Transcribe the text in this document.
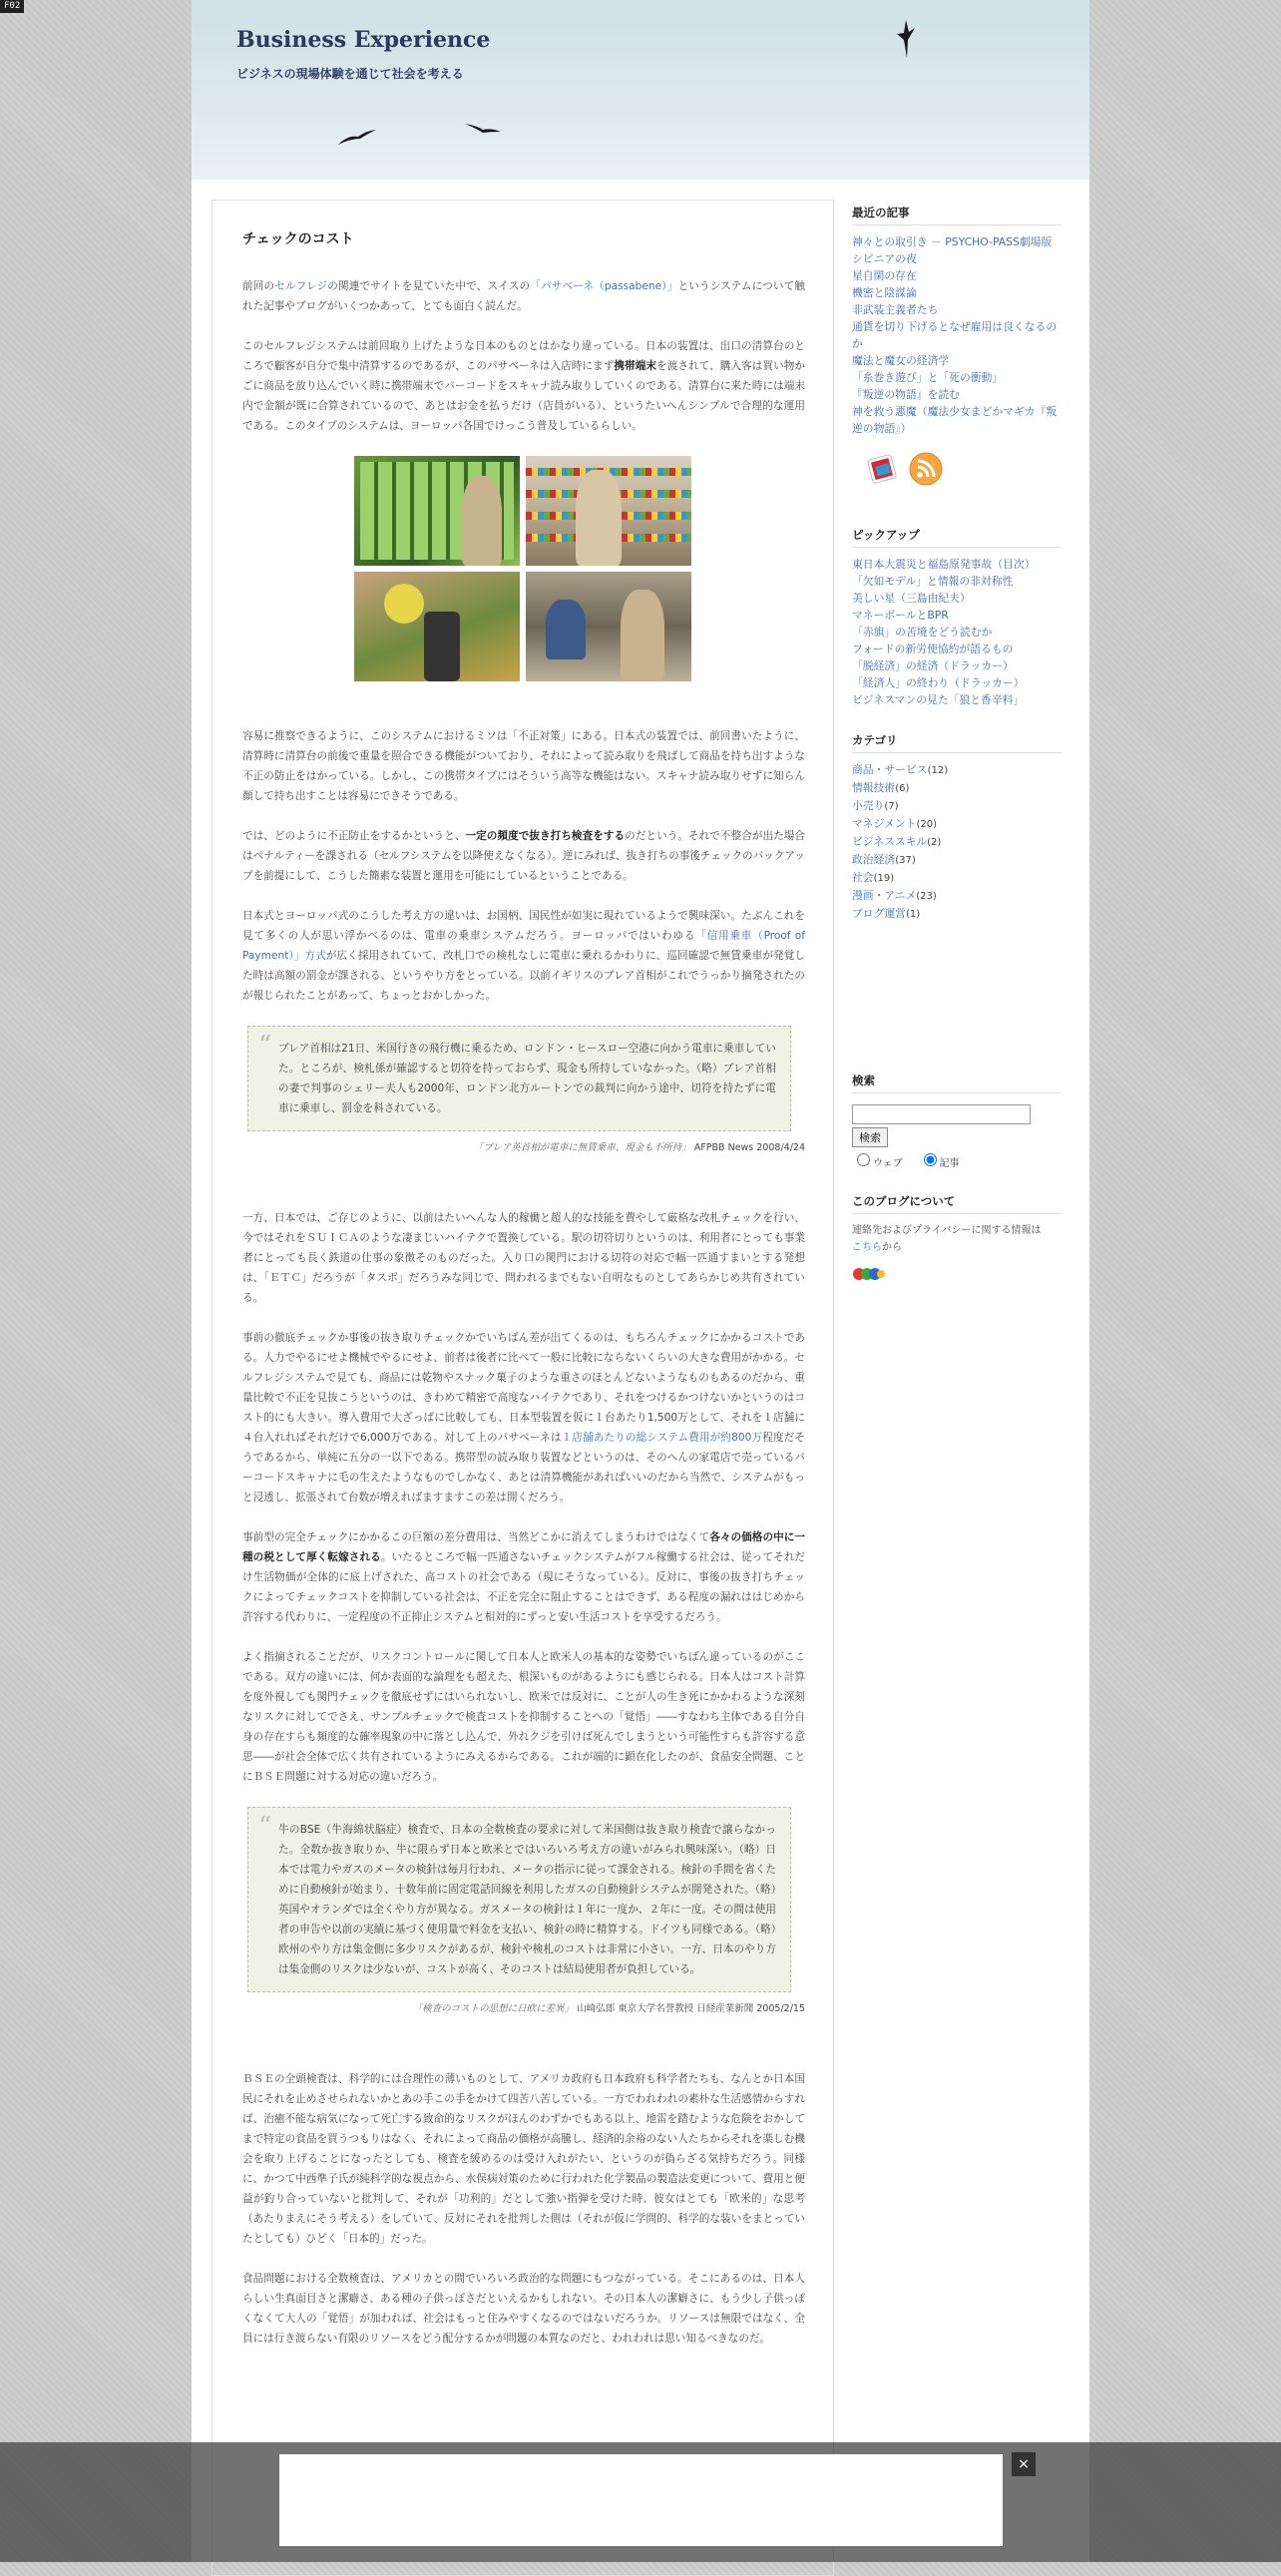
F02
Business Experience
ビジネスの現場体験を通じて社会を考える
チェックのコスト

前回のセルフレジの関連でサイトを見ていた中で、スイスの「パサベーネ（passabene）」というシステムについて触れた記事やブログがいくつかあって、とても面白く読んだ。

このセルフレジシステムは前回取り上げたような日本のものとはかなり違っている。日本の装置は、出口の清算台のところで顧客が自分で集中清算するのであるが、このパサベーネは入店時にまず携帯端末を渡されて、購入客は買い物かごに商品を放り込んでいく時に携帯端末でバーコードをスキャナ読み取りしていくのである。清算台に来た時には端末内で金額が既に合算されているので、あとはお金を払うだけ（店員がいる）、というたいへんシンプルで合理的な運用である。このタイプのシステムは、ヨーロッパ各国でけっこう普及しているらしい。

容易に推察できるように、このシステムにおけるミソは「不正対策」にある。日本式の装置では、前回書いたように、清算時に清算台の前後で重量を照合できる機能がついており、それによって読み取りを飛ばして商品を持ち出すような不正の防止をはかっている。しかし、この携帯タイプにはそういう高等な機能はない。スキャナ読み取りせずに知らん顔して持ち出すことは容易にできそうである。

では、どのように不正防止をするかというと、一定の頻度で抜き打ち検査をするのだという。それで不整合が出た場合はペナルティーを課される（セルフシステムを以降使えなくなる）。逆にみれば、抜き打ちの事後チェックのバックアップを前提にして、こうした簡素な装置と運用を可能にしているということである。

日本式とヨーロッパ式のこうした考え方の違いは、お国柄、国民性が如実に現れているようで興味深い。たぶんこれを見て多くの人が思い浮かべるのは、電車の乗車システムだろう。ヨーロッパではいわゆる「信用乗車（Proof of Payment）」方式が広く採用されていて、改札口での検札なしに電車に乗れるかわりに、巡回確認で無賃乗車が発覚した時は高額の罰金が課される、というやり方をとっている。以前イギリスのブレア首相がこれでうっかり摘発されたのが報じられたことがあって、ちょっとおかしかった。

“ ブレア首相は21日、米国行きの飛行機に乗るため、ロンドン・ヒースロー空港に向かう電車に乗車していた。ところが、検札係が確認すると切符を持っておらず、現金も所持していなかった。（略）ブレア首相の妻で判事のシェリー夫人も2000年、ロンドン北方ルートンでの裁判に向かう途中、切符を持たずに電車に乗車し、罰金を科されている。

「ブレア英首相が電車に無賃乗車、現金も不所持」 AFPBB News 2008/4/24

一方、日本では、ご存じのように、以前はたいへんな人的稼働と超人的な技能を費やして厳格な改札チェックを行い、今ではそれをＳＵＩＣＡのような凄まじいハイテクで置換している。駅の切符切りというのは、利用者にとっても事業者にとっても長く鉄道の仕事の象徴そのものだった。入り口の関門における切符の対応で幅一匹通すまいとする発想は、「ＥＴＣ」だろうが「タスポ」だろうみな同じで、問われるまでもない自明なものとしてあらかじめ共有されている。

事前の徹底チェックか事後の抜き取りチェックかでいちばん差が出てくるのは、もちろんチェックにかかるコストである。人力でやるにせよ機械でやるにせよ、前者は後者に比べて一般に比較にならないくらいの大きな費用がかかる。セルフレジシステムで見ても、商品には乾物やスナック菓子のような重さのほとんどないようなものもあるのだから、重量比較で不正を見抜こうというのは、きわめて精密で高度なハイテクであり、それをつけるかつけないかというのはコスト的にも大きい。導入費用で大ざっぱに比較しても、日本型装置を仮に１台あたり1,500万として、それを１店舗に４台入れればそれだけで6,000万である。対して上のパサベーネは１店舗あたりの総システム費用が約800万程度だそうであるから、単純に五分の一以下である。携帯型の読み取り装置などというのは、そのへんの家電店で売っているバーコードスキャナに毛の生えたようなものでしかなく、あとは清算機能があればいいのだから当然で、システムがもっと浸透し、拡張されて台数が増えればますますこの差は開くだろう。

事前型の完全チェックにかかるこの巨額の差分費用は、当然どこかに消えてしまうわけではなくて各々の価格の中に一種の税として厚く転嫁される。いたるところで幅一匹通さないチェックシステムがフル稼働する社会は、従ってそれだけ生活物価が全体的に底上げされた、高コストの社会である（現にそうなっている）。反対に、事後の抜き打ちチェックによってチェックコストを抑制している社会は、不正を完全に阻止することはできず、ある程度の漏れははじめから許容する代わりに、一定程度の不正抑止システムと相対的にずっと安い生活コストを享受するだろう。

よく指摘されることだが、リスクコントロールに関して日本人と欧米人の基本的な姿勢でいちばん違っているのがここである。双方の違いには、何か表面的な論理をも超えた、根深いものがあるようにも感じられる。日本人はコスト計算を度外視しても関門チェックを徹底せずにはいられないし、欧米では反対に、ことが人の生き死にかかわるような深刻なリスクに対してでさえ、サンプルチェックで検査コストを抑制することへの「覚悟」――すなわち主体である自分自身の存在すらも頻度的な確率現象の中に落とし込んで、外れクジを引けば死んでしまうという可能性すらも許容する意思――が社会全体で広く共有されているようにみえるからである。これが端的に顕在化したのが、食品安全問題、ことにＢＳＥ問題に対する対応の違いだろう。

“ 牛のBSE（牛海綿状脳症）検査で、日本の全数検査の要求に対して米国側は抜き取り検査で譲らなかった。全数か抜き取りか、牛に限らず日本と欧米とではいろいろ考え方の違いがみられ興味深い。（略）日本では電力やガスのメータの検針は毎月行われ、メータの指示に従って課金される。検針の手間を省くために自動検針が始まり、十数年前に固定電話回線を利用したガスの自動検針システムが開発された。（略）英国やオランダでは全くやり方が異なる。ガスメータの検針は１年に一度か、２年に一度。その間は使用者の申告や以前の実績に基づく使用量で料金を支払い、検針の時に精算する。ドイツも同様である。（略）欧州のやり方は集金側に多少リスクがあるが、検針や検札のコストは非常に小さい。一方、日本のやり方は集金側のリスクは少ないが、コストが高く、そのコストは結局使用者が負担している。

「検査のコストの思想に日欧に差異」 山崎弘郎 東京大学名誉教授 日経産業新聞 2005/2/15

ＢＳＥの全頭検査は、科学的には合理性の薄いものとして、アメリカ政府も日本政府も科学者たちも、なんとか日本国民にそれを止めさせられないかとあの手この手をかけて四苦八苦している。一方でわれわれの素朴な生活感情からすれば、治癒不能な病気になって死亡する致命的なリスクがほんのわずかでもある以上、地雷を踏むような危険をおかしてまで特定の食品を買うつもりはなく、それによって商品の価格が高騰し、経済的余裕のない人たちからそれを楽しむ機会を取り上げることになったとしても、検査を緩めるのは受け入れがたい、というのが偽らざる気持ちだろう。同様に、かつて中西準子氏が純科学的な視点から、水俣病対策のために行われた化学製品の製造法変更について、費用と便益が釣り合っていないと批判して、それが「功利的」だとして強い指弾を受けた時、彼女はとても「欧米的」な思考（あたりまえにそう考える）をしていて、反対にそれを批判した側は（それが仮に学問的、科学的な装いをまとっていたとしても）ひどく「日本的」だった。

食品問題における全数検査は、アメリカとの間でいろいろ政治的な問題にもつながっている。そこにあるのは、日本人らしい生真面目さと潔癖さ、ある種の子供っぽさだといえるかもしれない。その日本人の潔癖さに、もう少し子供っぽくなくて大人の「覚悟」が加われば、社会はもっと住みやすくなるのではないだろうか。リソースは無限ではなく、全員には行き渡らない有限のリソースをどう配分するかが問題の本質なのだと、われわれは思い知るべきなのだ。

最近の記事
神々との取引き － PSYCHO-PASS劇場版
シビニアの夜
星自閑の存在
機密と陰謀論
非武装主義者たち
通貨を切り下げるとなぜ雇用は良くなるのか
魔法と魔女の経済学
「糸巻き遊び」と「死の衝動」
『叛逆の物語』を読む
神を救う悪魔（魔法少女まどかマギカ『叛逆の物語』）
ピックアップ
東日本大震災と福島原発事故（目次）
「欠如モデル」と情報の非対称性
美しい星（三島由紀夫）
マネーボールとBPR
「赤旗」の苦境をどう読むか
フォードの新労使協約が語るもの
「脱経済」の経済（ドラッカー）
「経済人」の終わり（ドラッカー）
ビジネスマンの見た「狼と香辛料」
カテゴリ
商品・サービス(12)
情報技術(6)
小売り(7)
マネジメント(20)
ビジネススキル(2)
政治経済(37)
社会(19)
漫画・アニメ(23)
ブログ運営(1)
検索
検索
ウェブ	記事
このブログについて
連絡先およびプライバシーに関する情報は
こちらから
×
